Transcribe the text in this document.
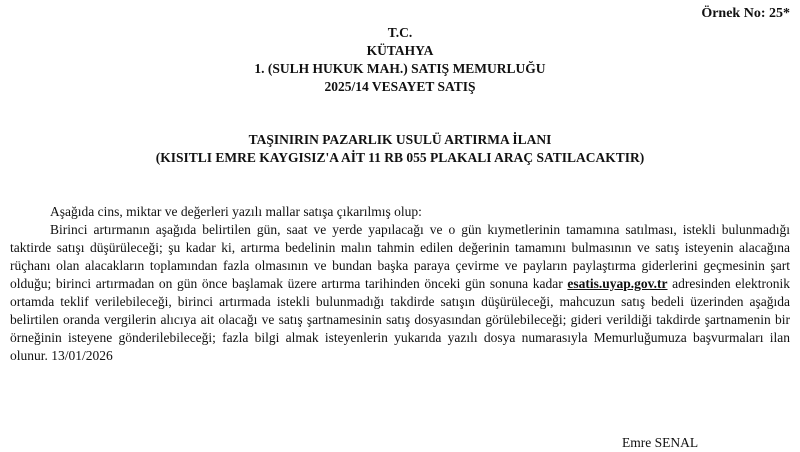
Örnek No: 25*
T.C.
KÜTAHYA
1. (SULH HUKUK MAH.) SATIŞ MEMURLUĞU
2025/14 VESAYET SATIŞ
TAŞINIRIN PAZARLIK USULÜ ARTIRMA İLANI
(KISITLI EMRE KAYGISIZ'A AİT 11 RB 055 PLAKALI ARAÇ SATILACAKTIR)

Aşağıda cins, miktar ve değerleri yazılı mallar satışa çıkarılmış olup:

Birinci artırmanın aşağıda belirtilen gün, saat ve yerde yapılacağı ve o gün kıymetlerinin tamamına satılması, istekli bulunmadığı taktirde satışı düşürüleceği; şu kadar ki, artırma bedelinin malın tahmin edilen değerinin tamamını bulmasının ve satış isteyenin alacağına rüçhanı olan alacakların toplamından fazla olmasının ve bundan başka paraya çevirme ve payların paylaştırma giderlerini geçmesinin şart olduğu; birinci artırmadan on gün önce başlamak üzere artırma tarihinden önceki gün sonuna kadar esatis.uyap.gov.tr adresinden elektronik ortamda teklif verilebileceği, birinci artırmada istekli bulunmadığı takdirde satışın düşürüleceği, mahcuzun satış bedeli üzerinden aşağıda belirtilen oranda vergilerin alıcıya ait olacağı ve satış şartnamesinin satış dosyasından görülebileceği; gideri verildiği takdirde şartnamenin bir örneğinin isteyene gönderilebileceği; fazla bilgi almak isteyenlerin yukarıda yazılı dosya numarasıyla Memurluğumuza başvurmaları ilan olunur. 13/01/2026

Emre SENAL
